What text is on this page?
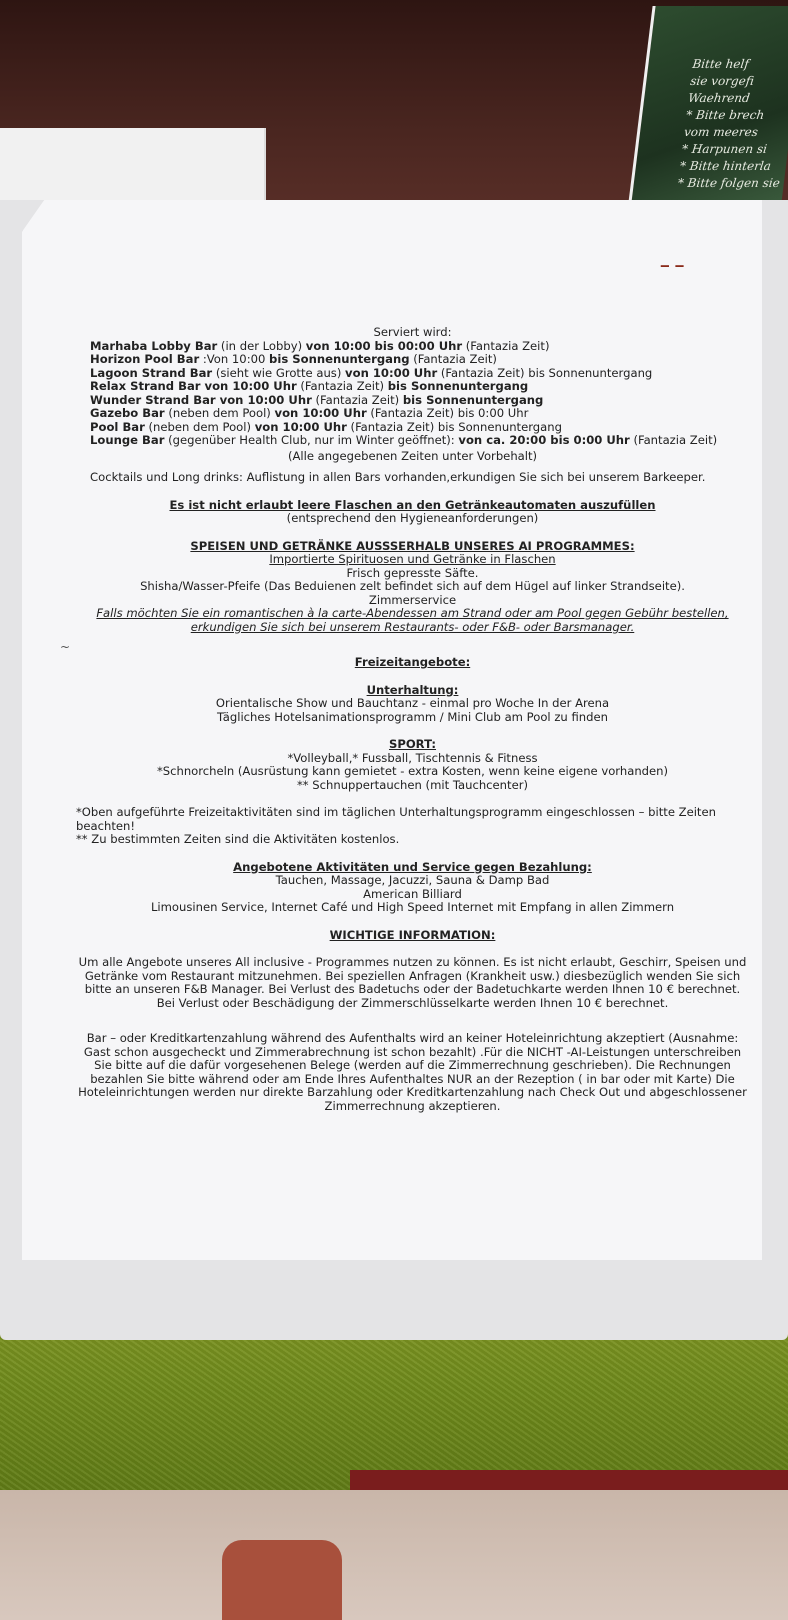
Bitte helf
sie vorgefi
Waehrend
* Bitte brech
vom meeres
* Harpunen si
* Bitte hinterla
* Bitte folgen sie
‒ ‒
~
Serviert wird:
Marhaba Lobby Bar (in der Lobby) von 10:00 bis 00:00 Uhr (Fantazia Zeit)
Horizon Pool Bar :Von 10:00 bis Sonnenuntergang (Fantazia Zeit)
Lagoon Strand Bar (sieht wie Grotte aus) von 10:00 Uhr (Fantazia Zeit) bis Sonnenuntergang
Relax Strand Bar von 10:00 Uhr (Fantazia Zeit) bis Sonnenuntergang
Wunder Strand Bar von 10:00 Uhr (Fantazia Zeit) bis Sonnenuntergang
Gazebo Bar (neben dem Pool) von 10:00 Uhr (Fantazia Zeit) bis 0:00 Uhr
Pool Bar (neben dem Pool) von 10:00 Uhr (Fantazia Zeit) bis Sonnenuntergang
Lounge Bar (gegenüber Health Club, nur im Winter geöffnet): von ca. 20:00 bis 0:00 Uhr (Fantazia Zeit)
(Alle angegebenen Zeiten unter Vorbehalt)
Cocktails und Long drinks: Auflistung in allen Bars vorhanden,erkundigen Sie sich bei unserem Barkeeper.
Es ist nicht erlaubt leere Flaschen an den Getränkeautomaten auszufüllen
(entsprechend den Hygieneanforderungen)
SPEISEN UND GETRÄNKE AUSSSERHALB UNSERES AI PROGRAMMES:
Importierte Spirituosen und Getränke in Flaschen
Frisch gepresste Säfte.
Shisha/Wasser-Pfeife (Das Beduienen zelt befindet sich auf dem Hügel auf linker Strandseite).
Zimmerservice
Falls möchten Sie ein romantischen à la carte-Abendessen am Strand oder am Pool gegen Gebühr bestellen, erkundigen Sie sich bei unserem Restaurants- oder F&B- oder Barsmanager.
Freizeitangebote:
Unterhaltung:
Orientalische Show und Bauchtanz - einmal pro Woche In der Arena
Tägliches Hotelsanimationsprogramm / Mini Club am Pool zu finden
SPORT:
*Volleyball,* Fussball, Tischtennis & Fitness
*Schnorcheln (Ausrüstung kann gemietet - extra Kosten, wenn keine eigene vorhanden)
** Schnuppertauchen (mit Tauchcenter)
*Oben aufgeführte Freizeitaktivitäten sind im täglichen Unterhaltungsprogramm eingeschlossen – bitte Zeiten beachten!
** Zu bestimmten Zeiten sind die Aktivitäten kostenlos.
Angebotene Aktivitäten und Service gegen Bezahlung:
Tauchen, Massage, Jacuzzi, Sauna & Damp Bad
American Billiard
Limousinen Service, Internet Café und High Speed Internet mit Empfang in allen Zimmern
WICHTIGE INFORMATION:
Um alle Angebote unseres All inclusive - Programmes nutzen zu können. Es ist nicht erlaubt, Geschirr, Speisen und Getränke vom Restaurant mitzunehmen. Bei speziellen Anfragen (Krankheit usw.) diesbezüglich wenden Sie sich bitte an unseren F&B Manager. Bei Verlust des Badetuchs oder der Badetuchkarte werden Ihnen 10 € berechnet. Bei Verlust oder Beschädigung der Zimmerschlüsselkarte werden Ihnen 10 € berechnet.
Bar – oder Kreditkartenzahlung während des Aufenthalts wird an keiner Hoteleinrichtung akzeptiert (Ausnahme: Gast schon ausgecheckt und Zimmerabrechnung ist schon bezahlt) .Für die NICHT -AI-Leistungen unterschreiben Sie bitte auf die dafür vorgesehenen Belege (werden auf die Zimmerrechnung geschrieben). Die Rechnungen bezahlen Sie bitte während oder am Ende Ihres Aufenthaltes NUR an der Rezeption ( in bar oder mit Karte) Die Hoteleinrichtungen werden nur direkte Barzahlung oder Kreditkartenzahlung nach Check Out und abgeschlossener Zimmerrechnung akzeptieren.
